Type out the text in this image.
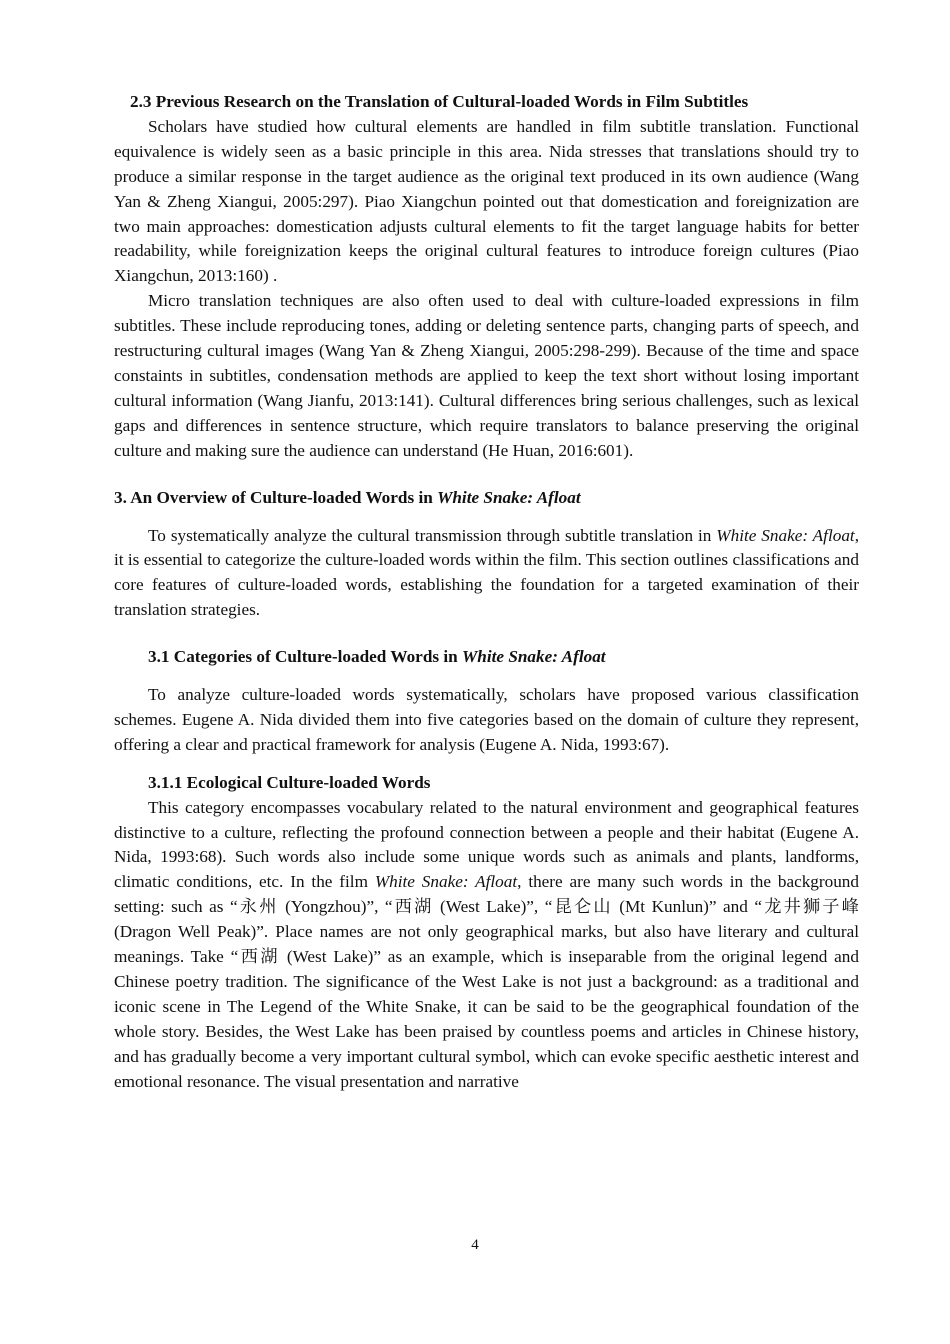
2.3 Previous Research on the Translation of Cultural-loaded Words in Film Subtitles

Scholars have studied how cultural elements are handled in film subtitle translation. Functional equivalence is widely seen as a basic principle in this area. Nida stresses that translations should try to produce a similar response in the target audience as the original text produced in its own audience (Wang Yan & Zheng Xiangui, 2005:297). Piao Xiangchun pointed out that domestication and foreignization are two main approaches: domestication adjusts cultural elements to fit the target language habits for better readability, while foreignization keeps the original cultural features to introduce foreign cultures (Piao Xiangchun, 2013:160) .

Micro translation techniques are also often used to deal with culture-loaded expressions in film subtitles. These include reproducing tones, adding or deleting sentence parts, changing parts of speech, and restructuring cultural images (Wang Yan & Zheng Xiangui, 2005:298-299). Because of the time and space constaints in subtitles, condensation methods are applied to keep the text short without losing important cultural information (Wang Jianfu, 2013:141). Cultural differences bring serious challenges, such as lexical gaps and differences in sentence structure, which require translators to balance preserving the original culture and making sure the audience can understand (He Huan, 2016:601).

3. An Overview of Culture-loaded Words in White Snake: Afloat

To systematically analyze the cultural transmission through subtitle translation in White Snake: Afloat, it is essential to categorize the culture-loaded words within the film. This section outlines classifications and core features of culture-loaded words, establishing the foundation for a targeted examination of their translation strategies.

3.1 Categories of Culture-loaded Words in White Snake: Afloat

To analyze culture-loaded words systematically, scholars have proposed various classification schemes. Eugene A. Nida divided them into five categories based on the domain of culture they represent, offering a clear and practical framework for analysis (Eugene A. Nida, 1993:67).

3.1.1 Ecological Culture-loaded Words

This category encompasses vocabulary related to the natural environment and geographical features distinctive to a culture, reflecting the profound connection between a people and their habitat (Eugene A. Nida, 1993:68). Such words also include some unique words such as animals and plants, landforms, climatic conditions, etc. In the film White Snake: Afloat, there are many such words in the background setting: such as “永州 (Yongzhou)”, “西湖 (West Lake)”, “昆仑山 (Mt Kunlun)” and “龙井狮子峰 (Dragon Well Peak)”. Place names are not only geographical marks, but also have literary and cultural meanings. Take “西湖 (West Lake)” as an example, which is inseparable from the original legend and Chinese poetry tradition. The significance of the West Lake is not just a background: as a traditional and iconic scene in The Legend of the White Snake, it can be said to be the geographical foundation of the whole story. Besides, the West Lake has been praised by countless poems and articles in Chinese history, and has gradually become a very important cultural symbol, which can evoke specific aesthetic interest and emotional resonance. The visual presentation and narrative

4
